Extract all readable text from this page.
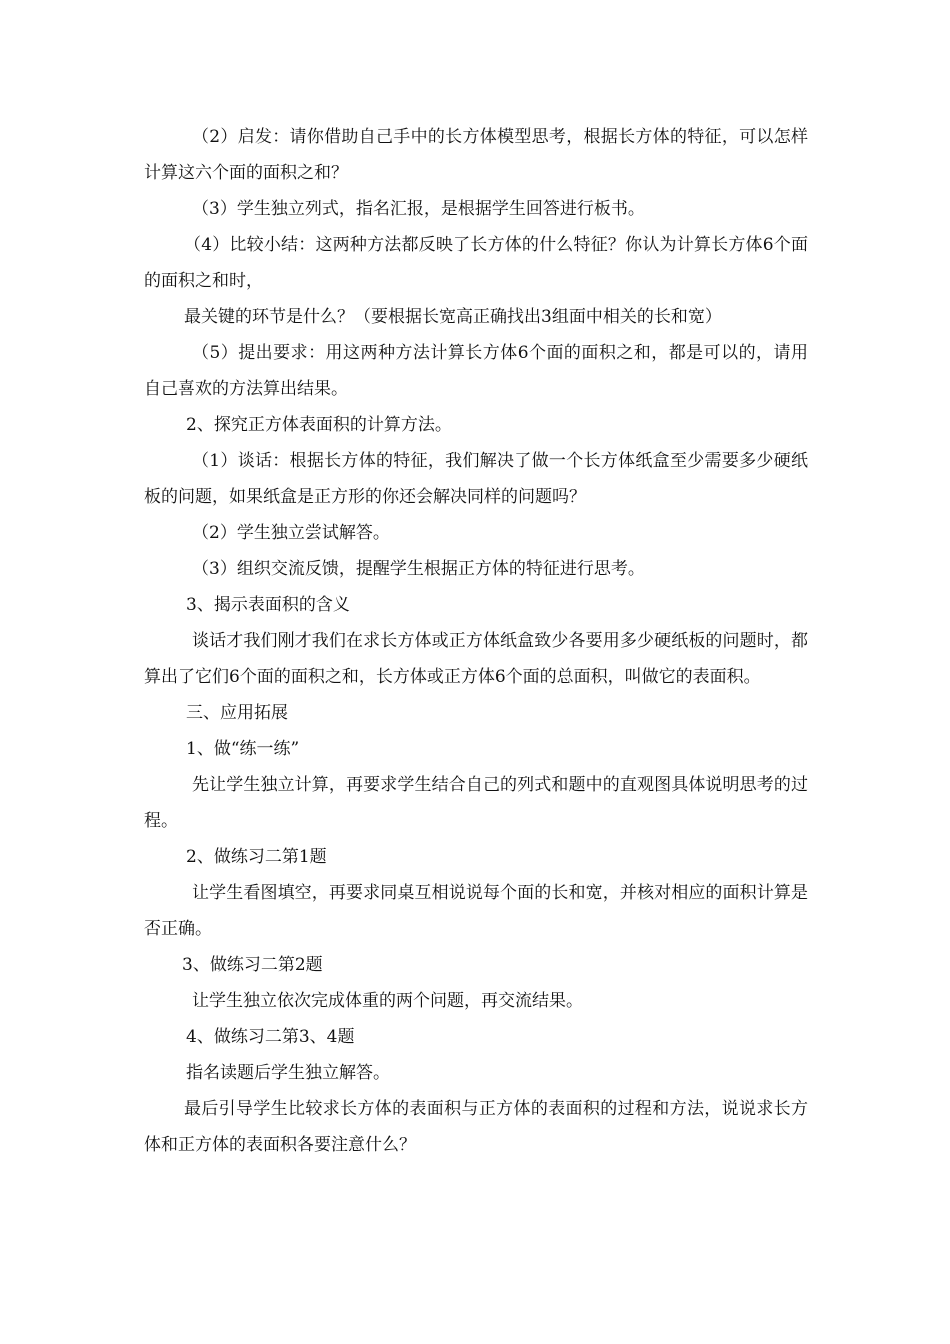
（2）启发：请你借助自己手中的长方体模型思考，根据长方体的特征，可以怎样计算这六个面的面积之和？

（3）学生独立列式，指名汇报，是根据学生回答进行板书。

（4）比较小结：这两种方法都反映了长方体的什么特征？你认为计算长方体6个面的面积之和时，

最关键的环节是什么？（要根据长宽高正确找出3组面中相关的长和宽）

（5）提出要求：用这两种方法计算长方体6个面的面积之和，都是可以的，请用自己喜欢的方法算出结果。

2、探究正方体表面积的计算方法。

（1）谈话：根据长方体的特征，我们解决了做一个长方体纸盒至少需要多少硬纸板的问题，如果纸盒是正方形的你还会解决同样的问题吗？

（2）学生独立尝试解答。

（3）组织交流反馈，提醒学生根据正方体的特征进行思考。

3、揭示表面积的含义

谈话才我们刚才我们在求长方体或正方体纸盒致少各要用多少硬纸板的问题时，都算出了它们6个面的面积之和，长方体或正方体6个面的总面积，叫做它的表面积。

三、应用拓展

1、做“练一练”

先让学生独立计算，再要求学生结合自己的列式和题中的直观图具体说明思考的过程。

2、做练习二第1题

让学生看图填空，再要求同桌互相说说每个面的长和宽，并核对相应的面积计算是否正确。

3、做练习二第2题

让学生独立依次完成体重的两个问题，再交流结果。

4、做练习二第3、4题

指名读题后学生独立解答。

最后引导学生比较求长方体的表面积与正方体的表面积的过程和方法，说说求长方体和正方体的表面积各要注意什么？
